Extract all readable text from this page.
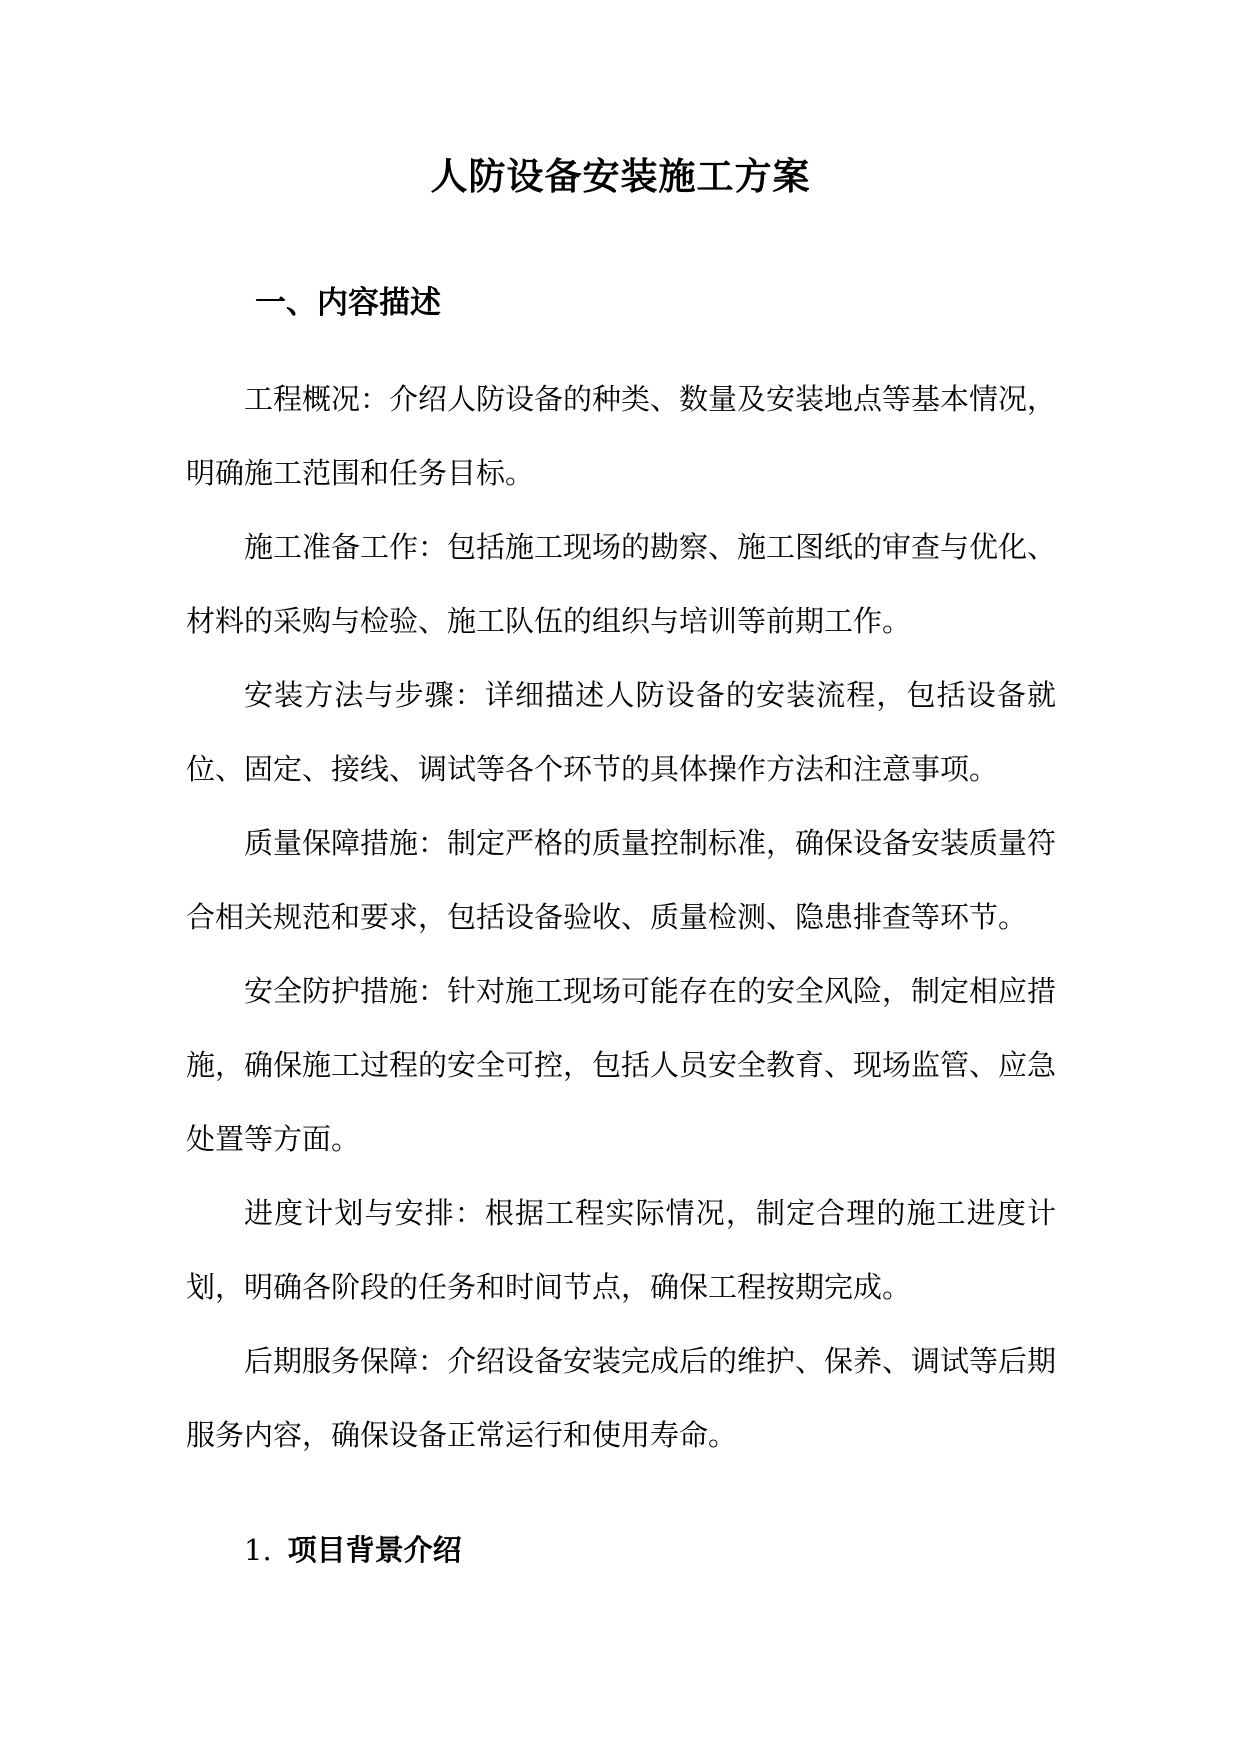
人防设备安装施工方案
一、内容描述

工程概况：介绍人防设备的种类、数量及安装地点等基本情况，明确施工范围和任务目标。

施工准备工作：包括施工现场的勘察、施工图纸的审查与优化、材料的采购与检验、施工队伍的组织与培训等前期工作。

安装方法与步骤：详细描述人防设备的安装流程，包括设备就位、固定、接线、调试等各个环节的具体操作方法和注意事项。

质量保障措施：制定严格的质量控制标准，确保设备安装质量符合相关规范和要求，包括设备验收、质量检测、隐患排查等环节。

安全防护措施：针对施工现场可能存在的安全风险，制定相应措施，确保施工过程的安全可控，包括人员安全教育、现场监管、应急处置等方面。

进度计划与安排：根据工程实际情况，制定合理的施工进度计划，明确各阶段的任务和时间节点，确保工程按期完成。

后期服务保障：介绍设备安装完成后的维护、保养、调试等后期服务内容，确保设备正常运行和使用寿命。

1. 项目背景介绍
